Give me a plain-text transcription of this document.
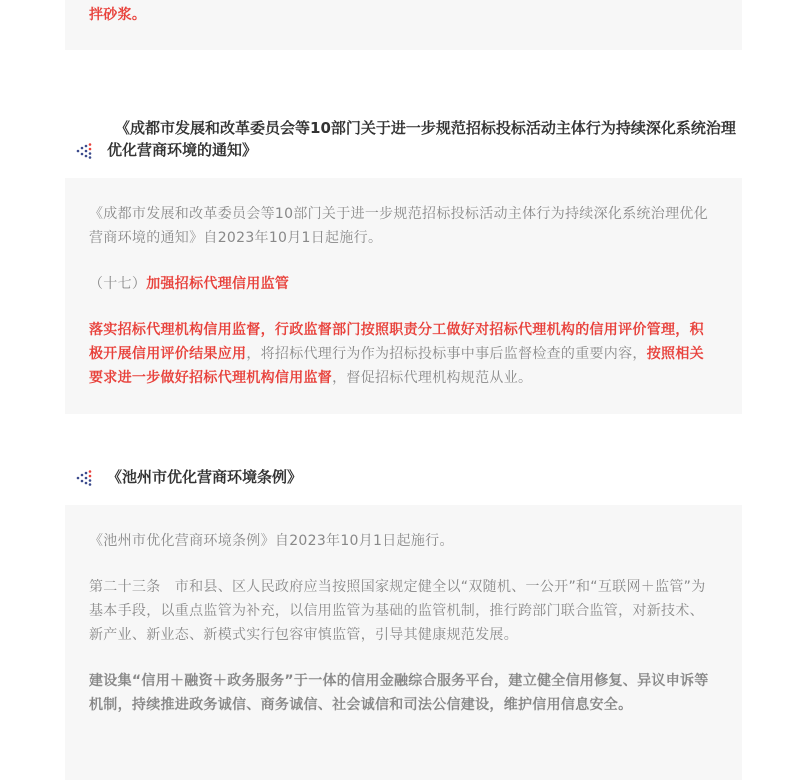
拌砂浆。

《成都市发展和改革委员会等10部门关于进一步规范招标投标活动主体行为持续深化系统治理优化营商环境的通知》

《成都市发展和改革委员会等10部门关于进一步规范招标投标活动主体行为持续深化系统治理优化营商环境的通知》自2023年10月1日起施行。

（十七）加强招标代理信用监管

落实招标代理机构信用监督，行政监督部门按照职责分工做好对招标代理机构的信用评价管理，积极开展信用评价结果应用，将招标代理行为作为招标投标事中事后监督检查的重要内容，按照相关要求进一步做好招标代理机构信用监督，督促招标代理机构规范从业。

《池州市优化营商环境条例》

《池州市优化营商环境条例》自2023年10月1日起施行。

第二十三条　市和县、区人民政府应当按照国家规定健全以“双随机、一公开”和“互联网＋监管”为基本手段，以重点监管为补充，以信用监管为基础的监管机制，推行跨部门联合监管，对新技术、新产业、新业态、新模式实行包容审慎监管，引导其健康规范发展。

建设集“信用＋融资＋政务服务”于一体的信用金融综合服务平台，建立健全信用修复、异议申诉等机制，持续推进政务诚信、商务诚信、社会诚信和司法公信建设，维护信用信息安全。
